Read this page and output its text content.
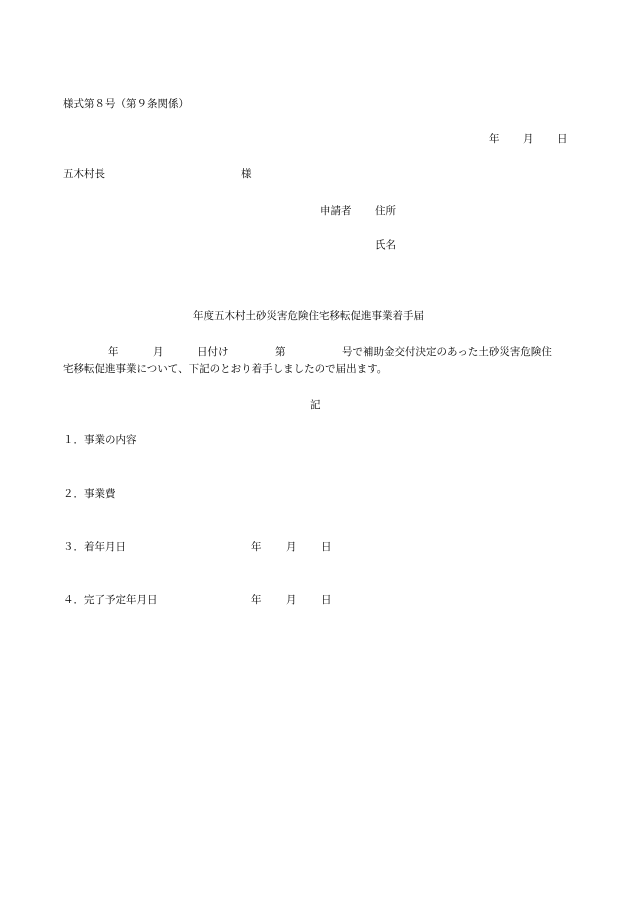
様式第８号（第９条関係）
年 月 日
五木村長	様
申請者 住所
氏名
年度五木村土砂災害危険住宅移転促進事業着手届
年	月	日付け	第	号で補助金交付決定のあった土砂災害危険住
宅移転促進事業について、下記のとおり着手しましたので届出ます。
記
１．事業の内容
２．事業費
３．着年月日	年 月 日
４．完了予定年月日	年 月 日
